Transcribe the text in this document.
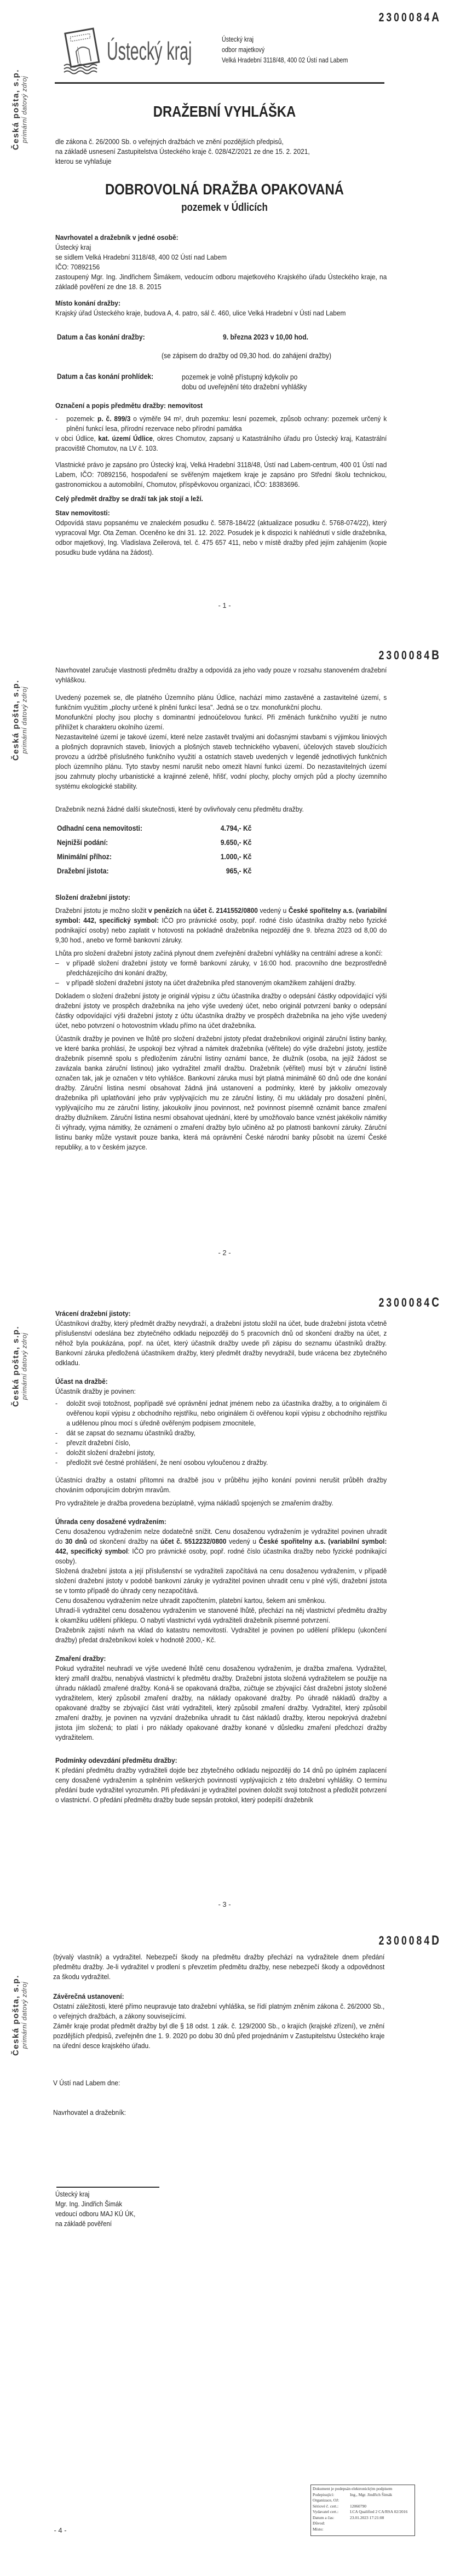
2300084A
Česká pošta, s.p. primární datový zdroj
Ústecký kraj	Ústecký kraj
odbor majetkový
Velká Hradební 3118/48, 400 02 Ústí nad Labem
DRAŽEBNÍ VYHLÁŠKA

dle zákona č. 26/2000 Sb. o veřejných dražbách ve znění pozdějších předpisů,

na základě usnesení Zastupitelstva Ústeckého kraje č. 028/4Z/2021 ze dne 15. 2. 2021,

kterou se vyhlašuje

DOBROVOLNÁ DRAŽBA OPAKOVANÁ
pozemek v Údlicích
Navrhovatel a dražebník v jedné osobě:

Ústecký kraj

se sídlem Velká Hradební 3118/48, 400 02 Ústí nad Labem

IČO: 70892156

zastoupený Mgr. Ing. Jindřichem Šimákem, vedoucím odboru majetkového Krajského úřadu Ústeckého kraje, na základě pověření ze dne 18. 8. 2015

Místo konání dražby:

Krajský úřad Ústeckého kraje, budova A, 4. patro, sál č. 460, ulice Velká Hradební v Ústí nad Labem

Datum a čas konání dražby:	9. března 2023 v 10,00 hod.
(se zápisem do dražby od 09,30 hod. do zahájení dražby)
Datum a čas konání prohlídek:	pozemek je volně přístupný kdykoliv po dobu od uveřejnění této dražební vyhlášky
Označení a popis předmětu dražby: nemovitost

- pozemek: p. č. 899/3 o výměře 94 m², druh pozemku: lesní pozemek, způsob ochrany: pozemek určený k plnění funkcí lesa, přírodní rezervace nebo přírodní památka

v obci Údlice, kat. území Údlice, okres Chomutov, zapsaný u Katastrálního úřadu pro Ústecký kraj, Katastrální pracoviště Chomutov, na LV č. 103.

Vlastnické právo je zapsáno pro Ústecký kraj, Velká Hradební 3118/48, Ústí nad Labem-centrum, 400 01 Ústí nad Labem, IČO: 70892156, hospodaření se svěřeným majetkem kraje je zapsáno pro Střední školu technickou, gastronomickou a automobilní, Chomutov, příspěvkovou organizaci, IČO: 18383696.

Celý předmět dražby se draží tak jak stojí a leží.

Stav nemovitosti:

Odpovídá stavu popsanému ve znaleckém posudku č. 5878-184/22 (aktualizace posudku č. 5768-074/22), který vypracoval Mgr. Ota Zeman. Oceněno ke dni 31. 12. 2022. Posudek je k dispozici k nahlédnutí v sídle dražebníka, odbor majetkový, Ing. Vladislava Zeilerová, tel. č. 475 657 411, nebo v místě dražby před jejím zahájením (kopie posudku bude vydána na žádost).

- 1 -
2300084B
Česká pošta, s.p. primární datový zdroj

Navrhovatel zaručuje vlastnosti předmětu dražby a odpovídá za jeho vady pouze v rozsahu stanoveném dražební vyhláškou.

Uvedený pozemek se, dle platného Územního plánu Údlice, nachází mimo zastavěné a zastavitelné území, s funkčním využitím „plochy určené k plnění funkcí lesa". Jedná se o tzv. monofunkční plochu.

Monofunkční plochy jsou plochy s dominantní jednoúčelovou funkcí. Při změnách funkčního využití je nutno přihlížet k charakteru okolního území.

Nezastavitelné území je takové území, které nelze zastavět trvalými ani dočasnými stavbami s výjimkou liniových a plošných dopravních staveb, liniových a plošných staveb technického vybavení, účelových staveb sloužících provozu a údržbě příslušného funkčního využití a ostatních staveb uvedených v legendě jednotlivých funkčních ploch územního plánu. Tyto stavby nesmí narušit nebo omezit hlavní funkci území. Do nezastavitelných území jsou zahrnuty plochy urbanistické a krajinné zeleně, hřišť, vodní plochy, plochy orných půd a plochy územního systému ekologické stability.

Dražebník nezná žádné další skutečnosti, které by ovlivňovaly cenu předmětu dražby.

Odhadní cena nemovitosti:	4.794,- Kč
Nejnižší podání:	9.650,- Kč
Minimální příhoz:	1.000,- Kč
Dražební jistota:	965,- Kč
Složení dražební jistoty:

Dražební jistotu je možno složit v penězích na účet č. 2141552/0800 vedený u České spořitelny a.s. (variabilní symbol: 442, specifický symbol: IČO pro právnické osoby, popř. rodné číslo účastníka dražby nebo fyzické podnikající osoby) nebo zaplatit v hotovosti na pokladně dražebníka nejpozději dne 9. března 2023 od 8,00 do 9,30 hod., anebo ve formě bankovní záruky.

Lhůta pro složení dražební jistoty začíná plynout dnem zveřejnění dražební vyhlášky na centrální adrese a končí:

– v případě složení dražební jistoty ve formě bankovní záruky, v 16:00 hod. pracovního dne bezprostředně předcházejícího dni konání dražby,

– v případě složení dražební jistoty na účet dražebníka před stanoveným okamžikem zahájení dražby.

Dokladem o složení dražební jistoty je originál výpisu z účtu účastníka dražby o odepsání částky odpovídající výši dražební jistoty ve prospěch dražebníka na jeho výše uvedený účet, nebo originál potvrzení banky o odepsání částky odpovídající výši dražební jistoty z účtu účastníka dražby ve prospěch dražebníka na jeho výše uvedený účet, nebo potvrzení o hotovostním vkladu přímo na účet dražebníka.

Účastník dražby je povinen ve lhůtě pro složení dražební jistoty předat dražebníkovi originál záruční listiny banky, ve které banka prohlásí, že uspokojí bez výhrad a námitek dražebníka (věřitele) do výše dražební jistoty, jestliže dražebník písemně spolu s předložením záruční listiny oznámí bance, že dlužník (osoba, na jejíž žádost se zavázala banka záruční listinou) jako vydražitel zmařil dražbu. Dražebník (věřitel) musí být v záruční listině označen tak, jak je označen v této vyhlášce. Bankovní záruka musí být platná minimálně 60 dnů ode dne konání dražby. Záruční listina nesmí obsahovat žádná jiná ustanovení a podmínky, které by jakkoliv omezovaly dražebníka při uplatňování jeho práv vyplývajících mu ze záruční listiny, či mu ukládaly pro dosažení plnění, vyplývajícího mu ze záruční listiny, jakoukoliv jinou povinnost, než povinnost písemně oznámit bance zmaření dražby dlužníkem. Záruční listina nesmí obsahovat ujednání, které by umožňovalo bance vznést jakékoliv námitky či výhrady, vyjma námitky, že oznámení o zmaření dražby bylo učiněno až po platnosti bankovní záruky. Záruční listinu banky může vystavit pouze banka, která má oprávnění České národní banky působit na území České republiky, a to v českém jazyce.

- 2 -
2300084C
Česká pošta, s.p. primární datový zdroj
Vrácení dražební jistoty:

Účastníkovi dražby, který předmět dražby nevydraží, a dražební jistotu složil na účet, bude dražební jistota včetně příslušenství odeslána bez zbytečného odkladu nejpozději do 5 pracovních dnů od skončení dražby na účet, z něhož byla poukázána, popř. na účet, který účastník dražby uvede při zápisu do seznamu účastníků dražby. Bankovní záruka předložená účastníkem dražby, který předmět dražby nevydražil, bude vrácena bez zbytečného odkladu.

Účast na dražbě:

Účastník dražby je povinen:

- doložit svoji totožnost, popřípadě své oprávnění jednat jménem nebo za účastníka dražby, a to originálem či ověřenou kopií výpisu z obchodního rejstříku, nebo originálem či ověřenou kopií výpisu z obchodního rejstříku a udělenou plnou mocí s úředně ověřeným podpisem zmocnitele,

- dát se zapsat do seznamu účastníků dražby,

- převzít dražební číslo,

- doložit složení dražební jistoty,

- předložit své čestné prohlášení, že není osobou vyloučenou z dražby.

Účastníci dražby a ostatní přítomni na dražbě jsou v průběhu jejího konání povinni nerušit průběh dražby chováním odporujícím dobrým mravům.

Pro vydražitele je dražba provedena bezúplatně, vyjma nákladů spojených se zmařením dražby.

Úhrada ceny dosažené vydražením:

Cenu dosaženou vydražením nelze dodatečně snížit. Cenu dosaženou vydražením je vydražitel povinen uhradit do 30 dnů od skončení dražby na účet č. 5512232/0800 vedený u České spořitelny a.s. (variabilní symbol: 442, specifický symbol: IČO pro právnické osoby, popř. rodné číslo účastníka dražby nebo fyzické podnikající osoby).

Složená dražební jistota a její příslušenství se vydražiteli započítává na cenu dosaženou vydražením, v případě složení dražební jistoty v podobě bankovní záruky je vydražitel povinen uhradit cenu v plné výši, dražební jistota se v tomto případě do úhrady ceny nezapočítává.

Cenu dosaženou vydražením nelze uhradit započtením, platební kartou, šekem ani směnkou.

Uhradí-li vydražitel cenu dosaženou vydražením ve stanovené lhůtě, přechází na něj vlastnictví předmětu dražby k okamžiku udělení příklepu. O nabytí vlastnictví vydá vydražiteli dražebník písemné potvrzení.

Dražebník zajistí návrh na vklad do katastru nemovitostí. Vydražitel je povinen po udělení příklepu (ukončení dražby) předat dražebníkovi kolek v hodnotě 2000,- Kč.

Zmaření dražby:

Pokud vydražitel neuhradí ve výše uvedené lhůtě cenu dosaženou vydražením, je dražba zmařena. Vydražitel, který zmařil dražbu, nenabývá vlastnictví k předmětu dražby. Dražební jistota složená vydražitelem se použije na úhradu nákladů zmařené dražby. Koná-li se opakovaná dražba, zúčtuje se zbývající část dražební jistoty složené vydražitelem, který způsobil zmaření dražby, na náklady opakované dražby. Po úhradě nákladů dražby a opakované dražby se zbývající část vrátí vydražiteli, který způsobil zmaření dražby. Vydražitel, který způsobil zmaření dražby, je povinen na vyzvání dražebníka uhradit tu část nákladů dražby, kterou nepokrývá dražební jistota jím složená; to platí i pro náklady opakované dražby konané v důsledku zmaření předchozí dražby vydražitelem.

Podmínky odevzdání předmětu dražby:

K předání předmětu dražby vydražiteli dojde bez zbytečného odkladu nejpozději do 14 dnů po úplném zaplacení ceny dosažené vydražením a splněním veškerých povinností vyplývajících z této dražební vyhlášky. O termínu předání bude vydražitel vyrozuměn. Při předávání je vydražitel povinen doložit svoji totožnost a předložit potvrzení o vlastnictví. O předání předmětu dražby bude sepsán protokol, který podepíší dražebník

- 3 -
2300084D
Česká pošta, s.p. primární datový zdroj

(bývalý vlastník) a vydražitel. Nebezpečí škody na předmětu dražby přechází na vydražitele dnem předání předmětu dražby. Je-li vydražitel v prodlení s převzetím předmětu dražby, nese nebezpečí škody a odpovědnost za škodu vydražitel.

Závěrečná ustanovení:

Ostatní záležitosti, které přímo neupravuje tato dražební vyhláška, se řídí platným zněním zákona č. 26/2000 Sb., o veřejných dražbách, a zákony souvisejícími.

Záměr kraje prodat předmět dražby byl dle § 18 odst. 1 zák. č. 129/2000 Sb., o krajích (krajské zřízení), ve znění pozdějších předpisů, zveřejněn dne 1. 9. 2020 po dobu 30 dnů před projednáním v Zastupitelstvu Ústeckého kraje na úřední desce krajského úřadu.

V Ústí nad Labem dne:

Navrhovatel a dražebník:

- 4 -
Ústecký kraj
Mgr. Ing. Jindřich Šimák
vedoucí odboru MAJ KÚ ÚK,
na základě pověření
Dokument je podepsán elektronickým podpisem
Podepisující:	Ing., Mgr. Jindřich Šimák
Organizace, OJ:
Sériové č. cert.:	12060790
Vydavatel cert.:	I.CA Qualified 2 CA/RSA 02/2016
Datum a čas:	23.01.2023 17:21:08
Důvod:
Místo:
